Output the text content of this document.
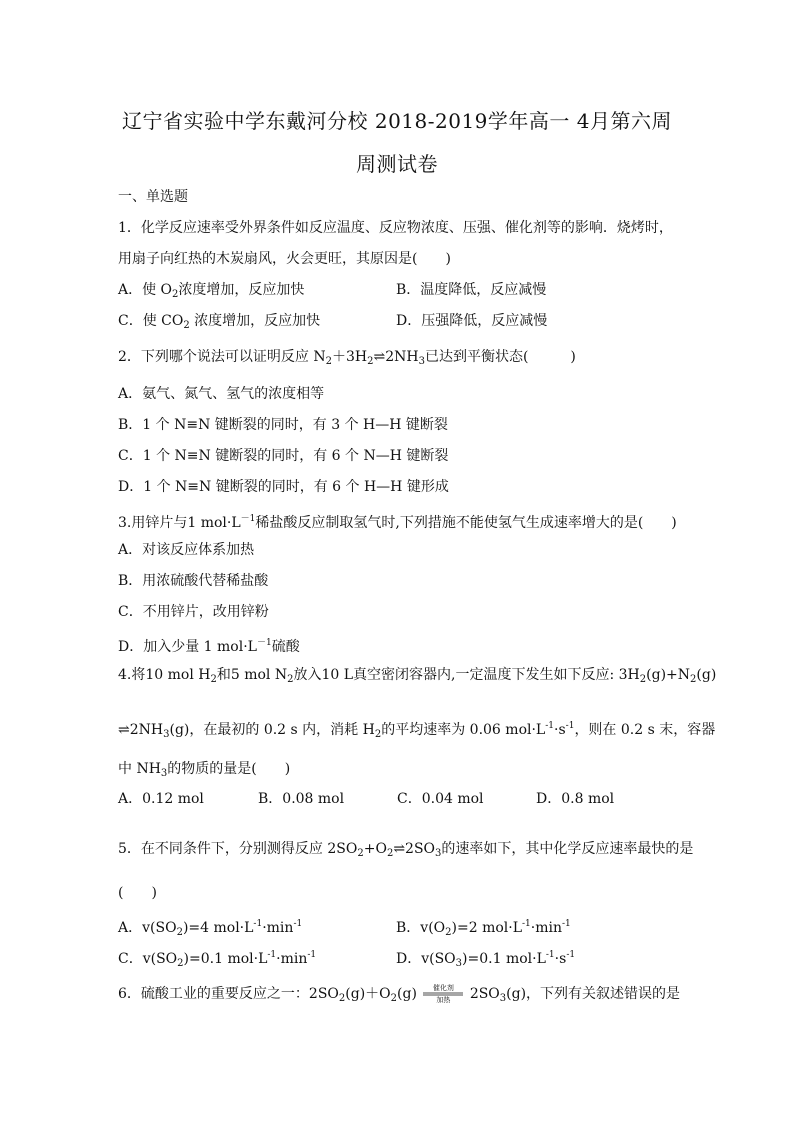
辽宁省实验中学东戴河分校 2018-2019学年高一 4月第六周
周测试卷
一、单选题
1．化学反应速率受外界条件如反应温度、反应物浓度、压强、催化剂等的影响．烧烤时，
用扇子向红热的木炭扇风，火会更旺，其原因是(　　)
A．使 $O_2$浓度增加，反应加快	B．温度降低，反应减慢
C．使 $CO_2$ 浓度增加，反应加快	D．压强降低，反应减慢
2．下列哪个说法可以证明反应 $N_2+3H_2\rightleftharpoons 2NH_3$已达到平衡状态(　　　)
A．氨气、氮气、氢气的浓度相等
B．1 个 N≡N 键断裂的同时，有 3 个 H—H 键断裂
C．1 个 N≡N 键断裂的同时，有 6 个 N—H 键断裂
D．1 个 N≡N 键断裂的同时，有 6 个 H—H 键形成
3.用锌片与1 $mol\cdot L^{-1}$稀盐酸反应制取氢气时,下列措施不能使氢气生成速率增大的是(　　)
A．对该反应体系加热
B．用浓硫酸代替稀盐酸
C．不用锌片，改用锌粉
D．加入少量 1 $mol\cdot L^{-1}$硫酸
4.将10 mol $H_2$和5 mol $N_2$放入10 L真空密闭容器内,一定温度下发生如下反应: $3H_2(g)+N_2(g)$
$\rightleftharpoons 2NH_3(g)$，在最初的 0.2 s 内，消耗 $H_2$的平均速率为 0.06 $mol\cdot L^{-1}\cdot s^{-1}$，则在 0.2 s 末，容器
中 $NH_3$的物质的量是(　　)
A．0.12 mol	B．0.08 mol	C．0.04 mol	D．0.8 mol
5．在不同条件下，分别测得反应 $2SO_2+O_2\rightleftharpoons 2SO_3$的速率如下，其中化学反应速率最快的是
(　　)
A．$v(SO_2)=4$ $mol\cdot L^{-1}\cdot\min^{-1}$	B．$v(O_2)=2$ $mol\cdot L^{-1}\cdot\min^{-1}$
C．$v(SO_2)=0.1$ $mol\cdot L^{-1}\cdot\min^{-1}$	D．$v(SO_3)=0.1$ $mol\cdot L^{-1}\cdot s^{-1}$
6．硫酸工业的重要反应之一：$2SO_2(g)+O_2(g)$	催化剂
加热	$2SO_3(g)$，下列有关叙述错误的是
